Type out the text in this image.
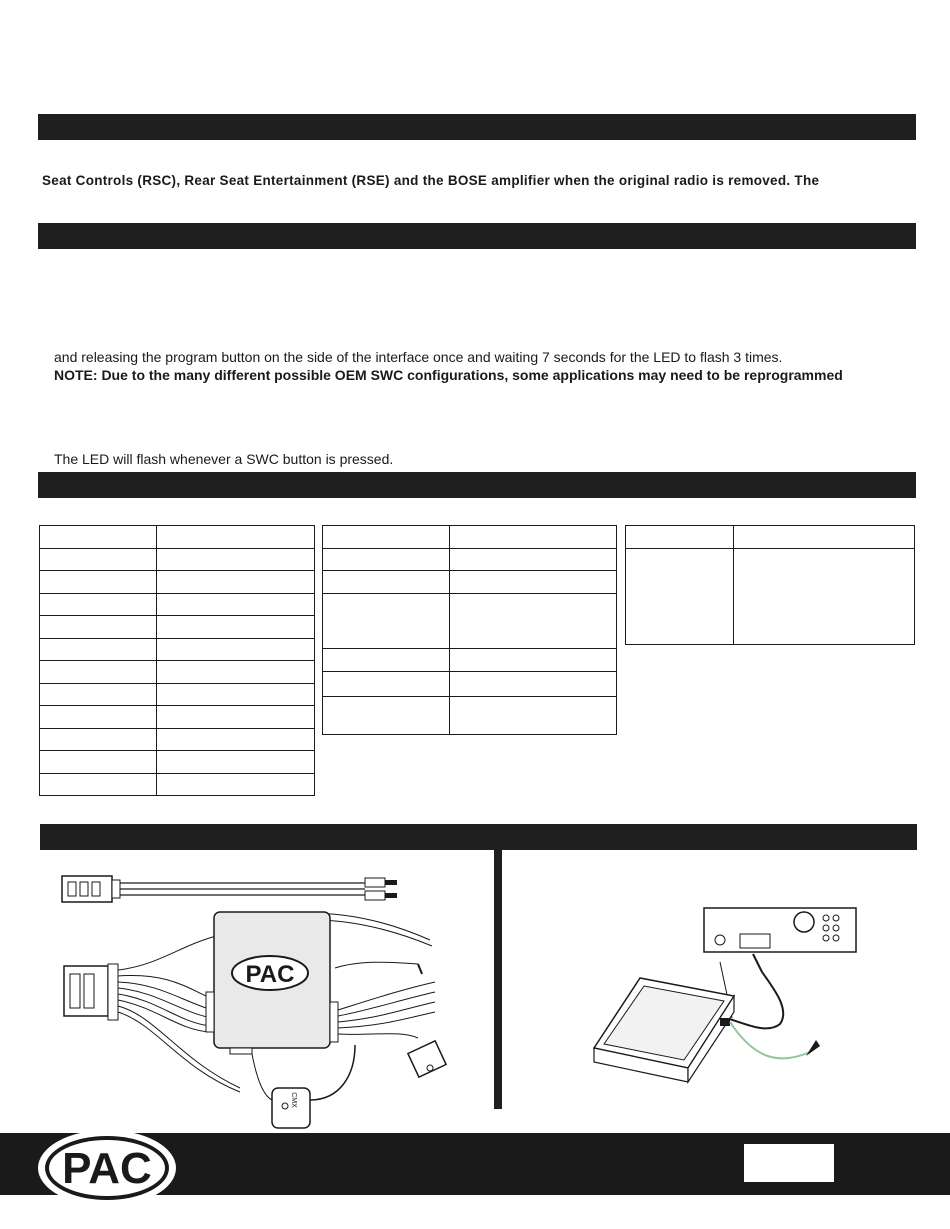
Seat Controls (RSC), Rear Seat Entertainment (RSE) and the BOSE amplifier when the original radio is removed. The
and releasing the program button on the side of the interface once and waiting 7 seconds for the LED to flash 3 times.
NOTE: Due to the many different possible OEM SWC configurations, some applications may need to be reprogrammed
The LED will flash whenever a SWC button is pressed.

PAC
CMX
PAC
